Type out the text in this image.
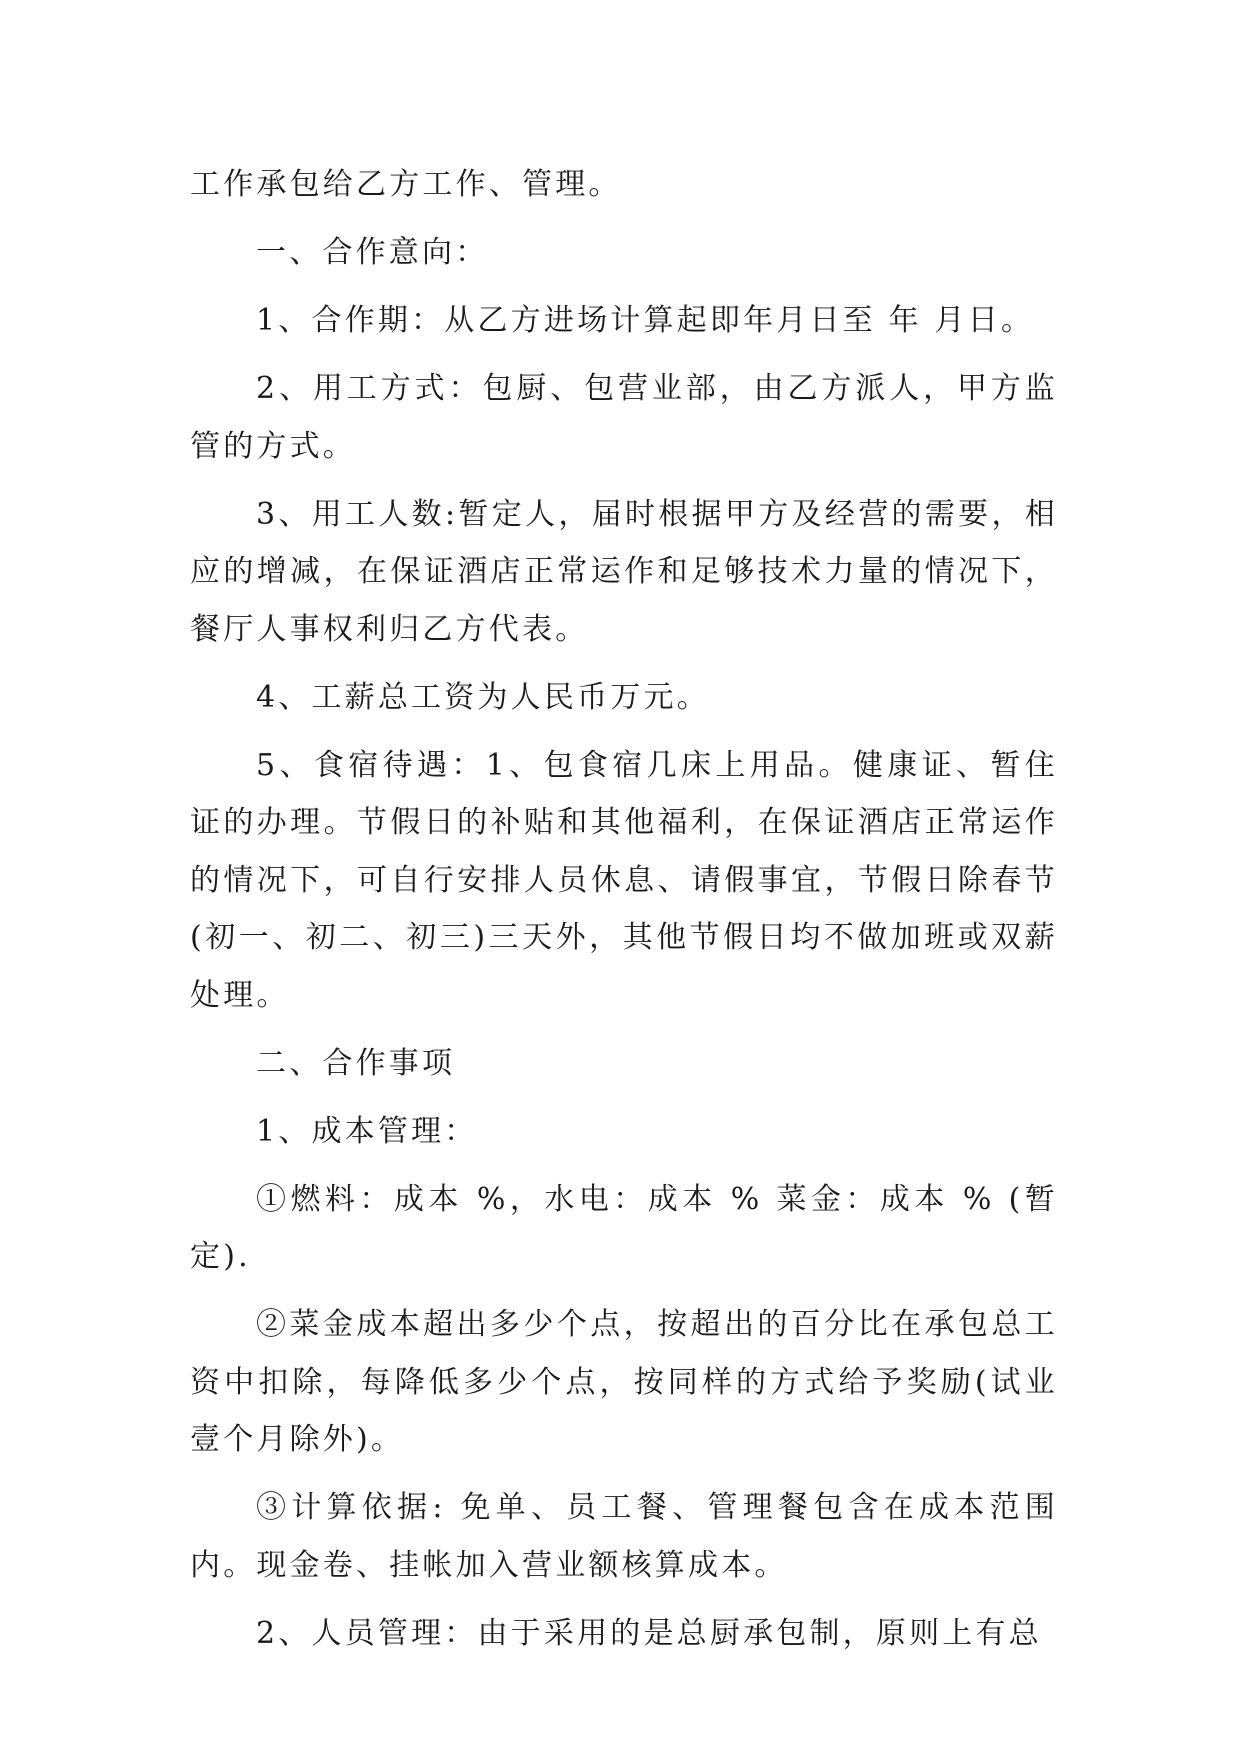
工作承包给乙方工作、管理。

一、合作意向：

1、合作期：从乙方进场计算起即年月日至 年 月日。

2、用工方式：包厨、包营业部，由乙方派人，甲方监管的方式。

3、用工人数:暂定人，届时根据甲方及经营的需要，相应的增减，在保证酒店正常运作和足够技术力量的情况下，餐厅人事权利归乙方代表。

4、工薪总工资为人民币万元。

5、食宿待遇：1、包食宿几床上用品。健康证、暂住证的办理。节假日的补贴和其他福利，在保证酒店正常运作的情况下，可自行安排人员休息、请假事宜，节假日除春节(初一、初二、初三)三天外，其他节假日均不做加班或双薪处理。

二、合作事项

1、成本管理：

①燃料：成本 %，水电：成本 % 菜金：成本 % (暂定).

②菜金成本超出多少个点，按超出的百分比在承包总工资中扣除，每降低多少个点，按同样的方式给予奖励(试业壹个月除外)。

③计算依据: 免单、员工餐、管理餐包含在成本范围内。现金卷、挂帐加入营业额核算成本。

2、人员管理：由于采用的是总厨承包制，原则上有总
